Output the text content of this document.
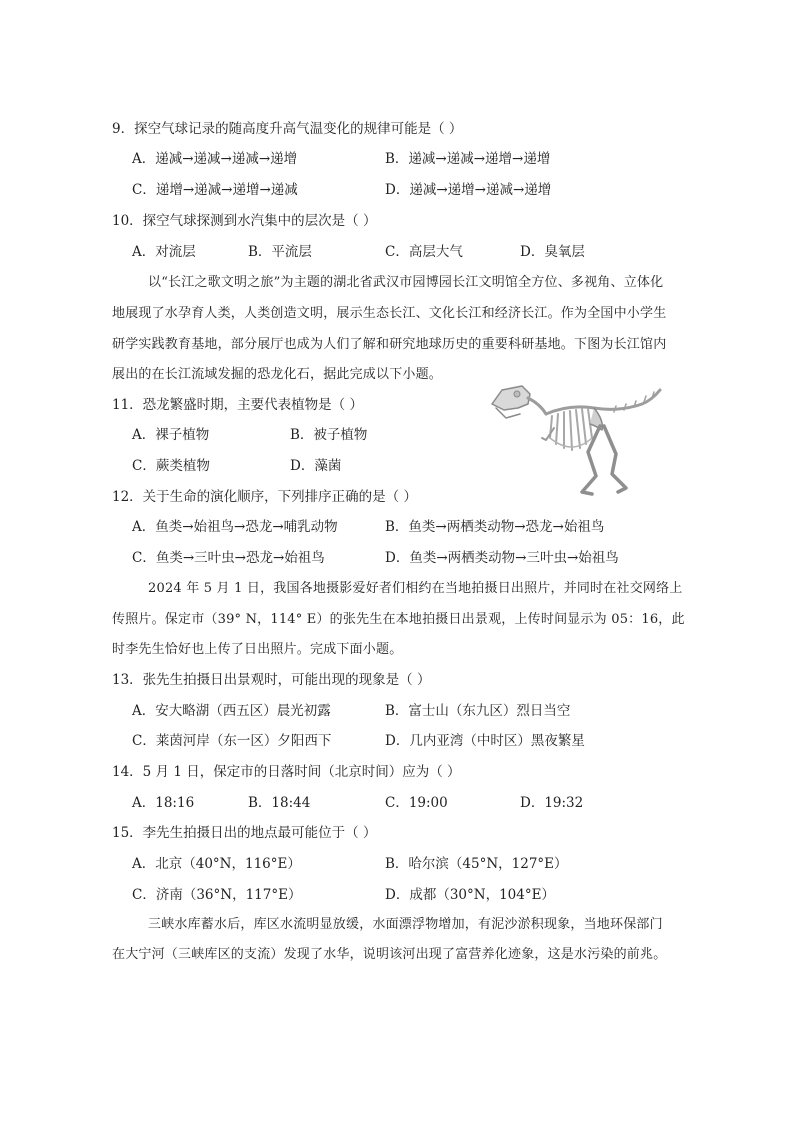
9．探空气球记录的随高度升高气温变化的规律可能是（ ）
A．递减→递减→递减→递增	B．递减→递减→递增→递增
C．递增→递减→递增→递减	D．递减→递增→递减→递增
10．探空气球探测到水汽集中的层次是（ ）
A．对流层	B．平流层	C．高层大气	D．臭氧层
以“长江之歌文明之旅”为主题的湖北省武汉市园博园长江文明馆全方位、多视角、立体化
地展现了水孕育人类，人类创造文明，展示生态长江、文化长江和经济长江。作为全国中小学生
研学实践教育基地，部分展厅也成为人们了解和研究地球历史的重要科研基地。下图为长江馆内
展出的在长江流域发掘的恐龙化石，据此完成以下小题。
11．恐龙繁盛时期，主要代表植物是（ ）
A．裸子植物	B．被子植物
C．蕨类植物	D．藻菌
12．关于生命的演化顺序，下列排序正确的是（ ）
A．鱼类→始祖鸟→恐龙→哺乳动物	B．鱼类→两栖类动物→恐龙→始祖鸟
C．鱼类→三叶虫→恐龙→始祖鸟	D．鱼类→两栖类动物→三叶虫→始祖鸟
2024 年 5 月 1 日，我国各地摄影爱好者们相约在当地拍摄日出照片，并同时在社交网络上
传照片。保定市（39° N，114° E）的张先生在本地拍摄日出景观，上传时间显示为 05：16，此
时李先生恰好也上传了日出照片。完成下面小题。
13．张先生拍摄日出景观时，可能出现的现象是（ ）
A．安大略湖（西五区）晨光初露	B．富士山（东九区）烈日当空
C．莱茵河岸（东一区）夕阳西下	D．几内亚湾（中时区）黑夜繁星
14．5 月 1 日，保定市的日落时间（北京时间）应为（ ）
A．18:16	B．18:44	C．19:00	D．19:32
15．李先生拍摄日出的地点最可能位于（ ）
A．北京（40°N，116°E）	B．哈尔滨（45°N，127°E）
C．济南（36°N，117°E）	D．成都（30°N，104°E）
三峡水库蓄水后，库区水流明显放缓，水面漂浮物增加，有泥沙淤积现象，当地环保部门
在大宁河（三峡库区的支流）发现了水华，说明该河出现了富营养化迹象，这是水污染的前兆。
